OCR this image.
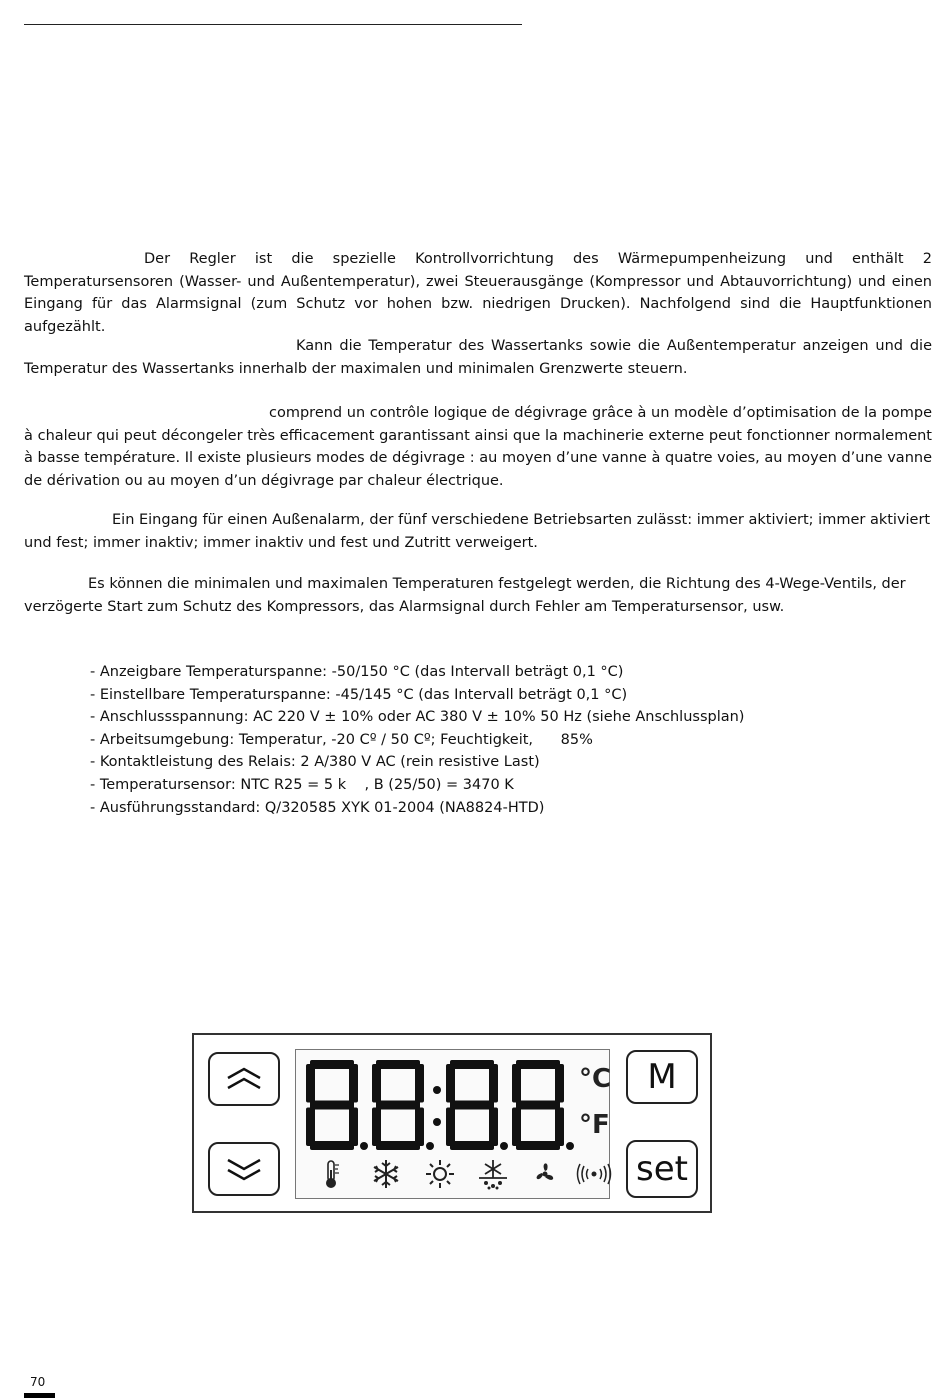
Der Regler ist die spezielle Kontrollvorrichtung des Wärmepumpenheizung und enthält 2 Temperatursensoren (Wasser- und Außentemperatur), zwei Steuerausgänge (Kompressor und Abtauvorrichtung) und einen Eingang für das Alarmsignal (zum Schutz vor hohen bzw. niedrigen Drucken). Nachfolgend sind die Hauptfunktionen aufgezählt.

Kann die Temperatur des Wassertanks sowie die Außentemperatur anzeigen und die Temperatur des Wassertanks innerhalb der maximalen und minimalen Grenzwerte steuern.

comprend un contrôle logique de dégivrage grâce à un modèle d’optimisation de la pompe à chaleur qui peut décongeler très efficacement garantissant ainsi que la machinerie externe peut fonctionner normalement à basse température. Il existe plusieurs modes de dégivrage : au moyen d’une vanne à quatre voies, au moyen d’une vanne de dérivation ou au moyen d’un dégivrage par chaleur électrique.

Ein Eingang für einen Außenalarm, der fünf verschiedene Betriebsarten zulässt: immer aktiviert; immer aktiviert und fest; immer inaktiv; immer inaktiv und fest und Zutritt verweigert.

Es können die minimalen und maximalen Temperaturen festgelegt werden, die Richtung des 4-Wege-Ventils, der verzögerte Start zum Schutz des Kompressors, das Alarmsignal durch Fehler am Temperatursensor, usw.

- Anzeigbare Temperaturspanne: -50/150 °C (das Intervall beträgt 0,1 °C)
- Einstellbare Temperaturspanne: -45/145 °C (das Intervall beträgt 0,1 °C)
- Anschlussspannung: AC 220 V ± 10% oder AC 380 V ± 10% 50 Hz (siehe Anschlussplan)
- Arbeitsumgebung: Temperatur, -20 Cº / 50 Cº; Feuchtigkeit,      85%
- Kontaktleistung des Relais: 2 A/380 V AC (rein resistive Last)
- Temperatursensor: NTC R25 = 5 k    , B (25/50) = 3470 K
- Ausführungsstandard: Q/320585 XYK 01-2004 (NA8824-HTD)
M
set
°C
°F
70
